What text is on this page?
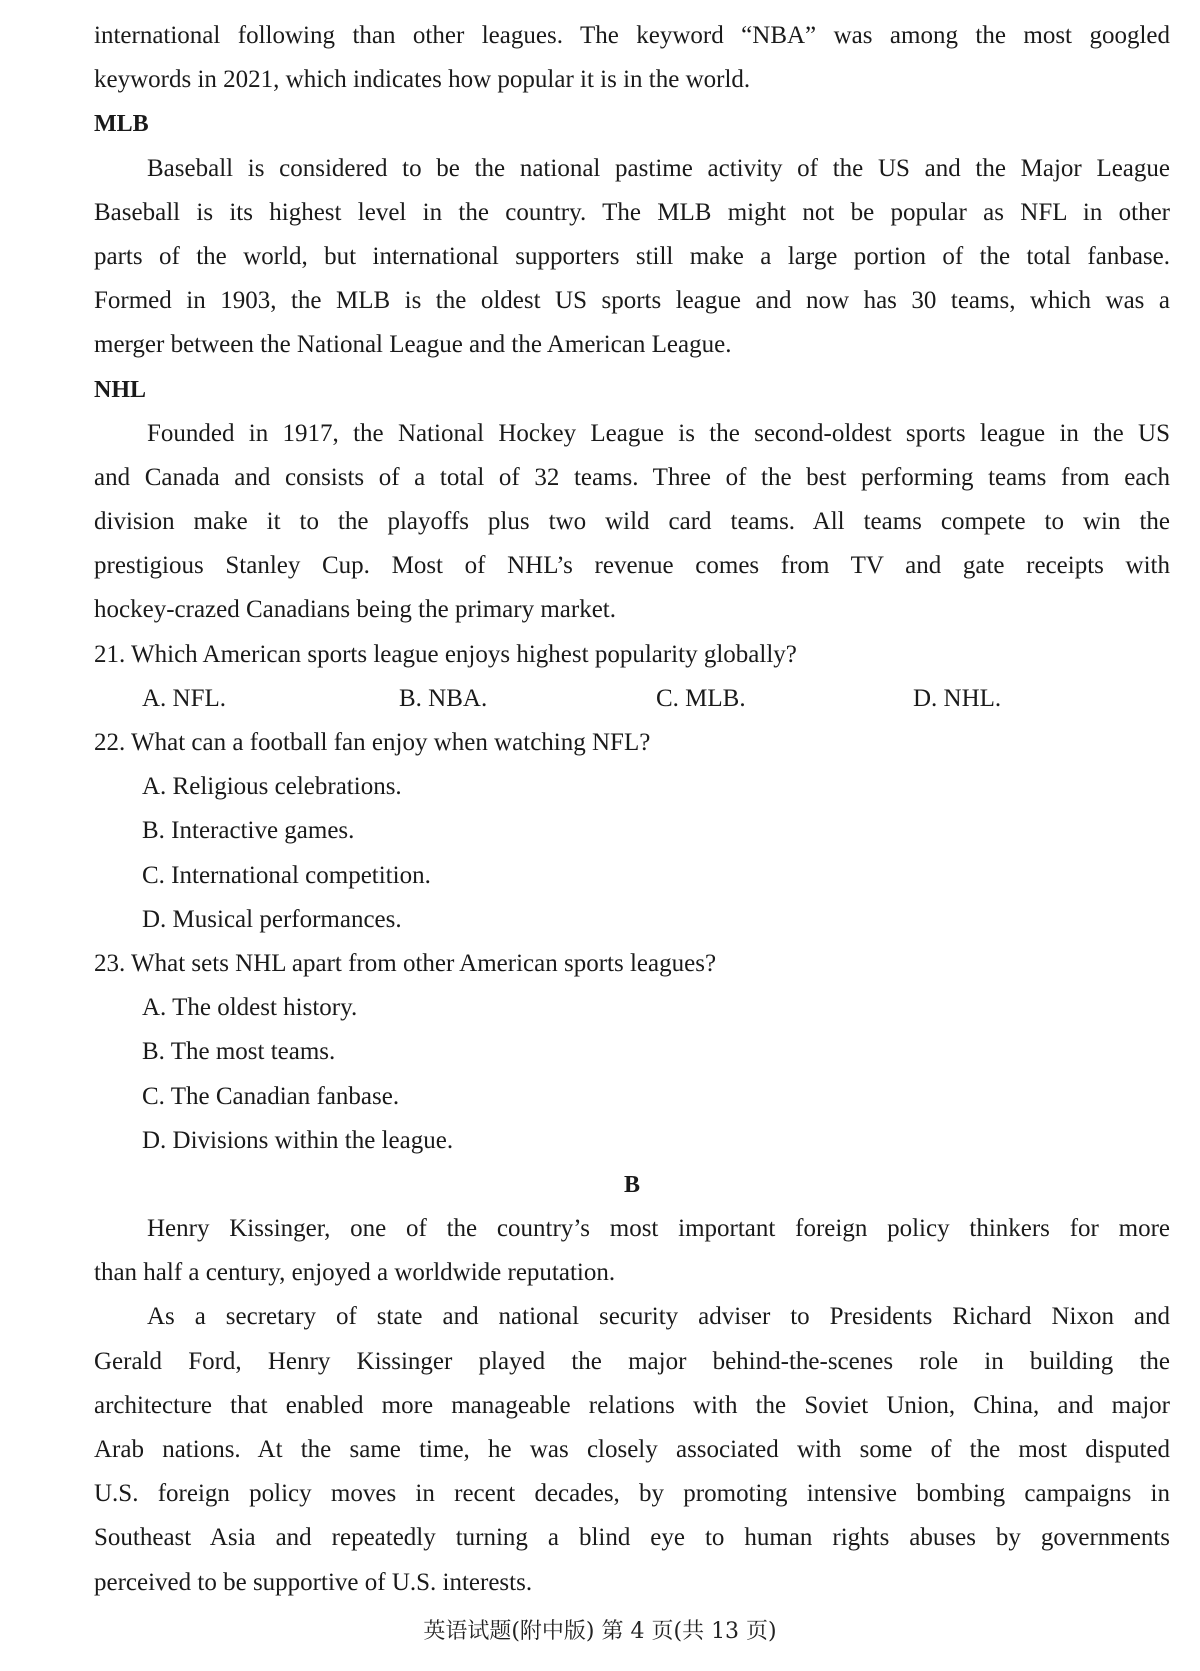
international following than other leagues. The keyword “NBA” was among the most googled

keywords in 2021, which indicates how popular it is in the world.

MLB

Baseball is considered to be the national pastime activity of the US and the Major League

Baseball is its highest level in the country. The MLB might not be popular as NFL in other

parts of the world, but international supporters still make a large portion of the total fanbase.

Formed in 1903, the MLB is the oldest US sports league and now has 30 teams, which was a

merger between the National League and the American League.

NHL

Founded in 1917, the National Hockey League is the second-oldest sports league in the US

and Canada and consists of a total of 32 teams. Three of the best performing teams from each

division make it to the playoffs plus two wild card teams. All teams compete to win the

prestigious Stanley Cup. Most of NHL’s revenue comes from TV and gate receipts with

hockey-crazed Canadians being the primary market.

21. Which American sports league enjoys highest popularity globally?

A. NFL.	B. NBA.	C. MLB.	D. NHL.

22. What can a football fan enjoy when watching NFL?

A. Religious celebrations.

B. Interactive games.

C. International competition.

D. Musical performances.

23. What sets NHL apart from other American sports leagues?

A. The oldest history.

B. The most teams.

C. The Canadian fanbase.

D. Divisions within the league.

B

Henry Kissinger, one of the country’s most important foreign policy thinkers for more

than half a century, enjoyed a worldwide reputation.

As a secretary of state and national security adviser to Presidents Richard Nixon and

Gerald Ford, Henry Kissinger played the major behind-the-scenes role in building the

architecture that enabled more manageable relations with the Soviet Union, China, and major

Arab nations. At the same time, he was closely associated with some of the most disputed

U.S. foreign policy moves in recent decades, by promoting intensive bombing campaigns in

Southeast Asia and repeatedly turning a blind eye to human rights abuses by governments

perceived to be supportive of U.S. interests.

英语试题(附中版) 第 4 页(共 13 页)
